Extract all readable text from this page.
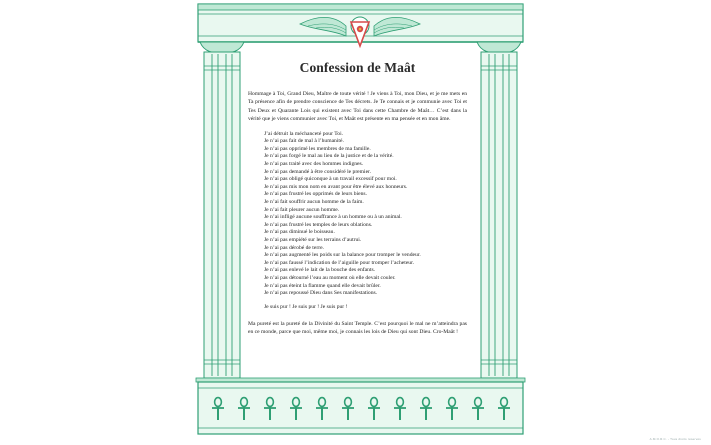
Confession de Maât

Hommage à Toi, Grand Dieu, Maître de toute vérité ! Je viens à Toi, mon Dieu, et je me mets en Ta présence afin de prendre conscience de Tes décrets. Je Te connais et je communie avec Toi et Tes Deux et Quarante Lois qui existent avec Toi dans cette Chambre de Maât… C’est dans la vérité que je viens communier avec Toi, et Maât est présente en ma pensée et en mon âme.

J’ai détruit la méchanceté pour Toi.
Je n’ai pas fait de mal à l’humanité.
Je n’ai pas opprimé les membres de ma famille.
Je n’ai pas forgé le mal au lieu de la justice et de la vérité.
Je n’ai pas traité avec des hommes indignes.
Je n’ai pas demandé à être considéré le premier.
Je n’ai pas obligé quiconque à un travail excessif pour moi.
Je n’ai pas mis mon nom en avant pour être élevé aux honneurs.
Je n’ai pas frustré les opprimés de leurs biens.
Je n’ai fait souffrir aucun homme de la faim.
Je n’ai fait pleurer aucun homme.
Je n’ai infligé aucune souffrance à un homme ou à un animal.
Je n’ai pas frustré les temples de leurs oblations.
Je n’ai pas diminué le boisseau.
Je n’ai pas empiété sur les terrains d’autrui.
Je n’ai pas dérobé de terre.
Je n’ai pas augmenté les poids sur la balance pour tromper le vendeur.
Je n’ai pas faussé l’indication de l’aiguille pour tromper l’acheteur.
Je n’ai pas enlevé le lait de la bouche des enfants.
Je n’ai pas détourné l’eau au moment où elle devait couler.
Je n’ai pas éteint la flamme quand elle devait brûler.
Je n’ai pas repoussé Dieu dans Ses manifestations.

Je suis pur ! Je suis pur ! Je suis pur !

Ma pureté est la pureté de la Divinité du Saint Temple. C’est pourquoi le mal ne m’atteindra pas en ce monde, parce que moi, même moi, je connais les lois de Dieu qui sont Dieu. Cro-Maât !

A.M.O.R.C. - Tous droits réservés
